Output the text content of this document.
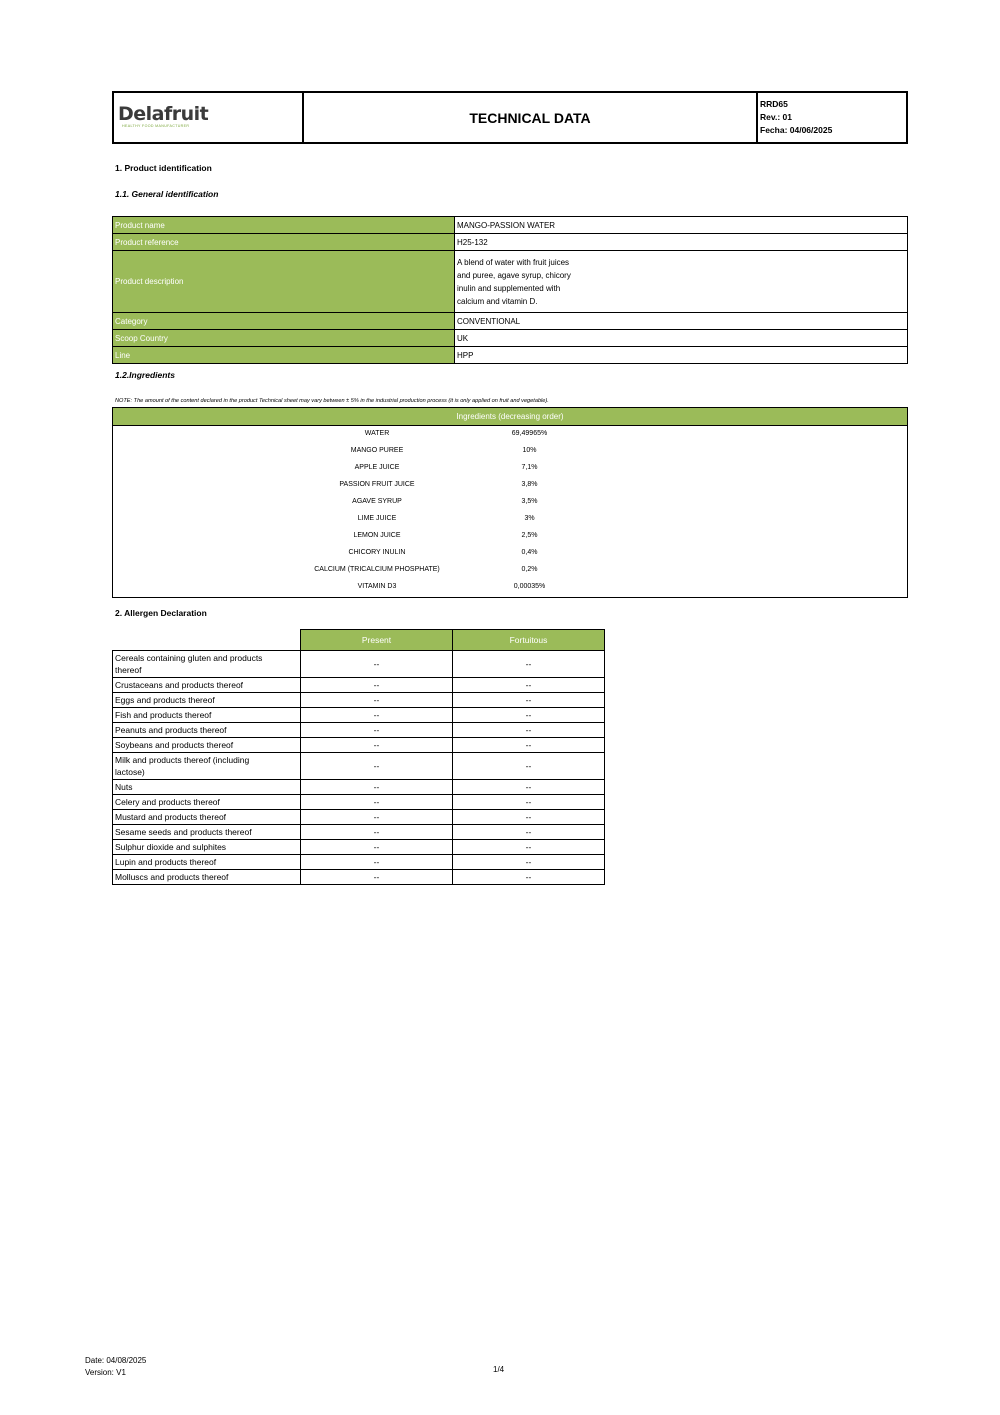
Delafruit
HEALTHY FOOD MANUFACTURER
TECHNICAL DATA
RRD65
Rev.: 01
Fecha: 04/06/2025
1. Product identification
1.1. General identification
Product name	MANGO-PASSION WATER
Product reference	H25-132
Product description	A blend of water with fruit juices
and puree, agave syrup, chicory
inulin and supplemented with
calcium and vitamin D.

Category	CONVENTIONAL
Scoop Country	UK
Line	HPP
1.2.Ingredients
NOTE: The amount of the content declared in the product Technical sheet may vary between ± 5% in the industrial production process (it is only applied on fruit and vegetable).
Ingredients (decreasing order)
WATER	69,49965%
MANGO PUREE	10%
APPLE JUICE	7,1%
PASSION FRUIT JUICE	3,8%
AGAVE SYRUP	3,5%
LIME JUICE	3%
LEMON JUICE	2,5%
CHICORY INULIN	0,4%
CALCIUM (TRICALCIUM PHOSPHATE)	0,2%
VITAMIN D3	0,00035%
2. Allergen Declaration
	Present	Fortuitous

Cereals containing gluten and products
thereof	--	--
Crustaceans and products thereof	--	--
Eggs and products thereof	--	--
Fish and products thereof	--	--
Peanuts and products thereof	--	--
Soybeans and products thereof	--	--

Milk and products thereof (including
lactose)	--	--
Nuts	--	--
Celery and products thereof	--	--
Mustard and products thereof	--	--
Sesame seeds and products thereof	--	--
Sulphur dioxide and sulphites	--	--
Lupin and products thereof	--	--
Molluscs and products thereof	--	--
Date: 04/08/2025
Version: V1	1/4
